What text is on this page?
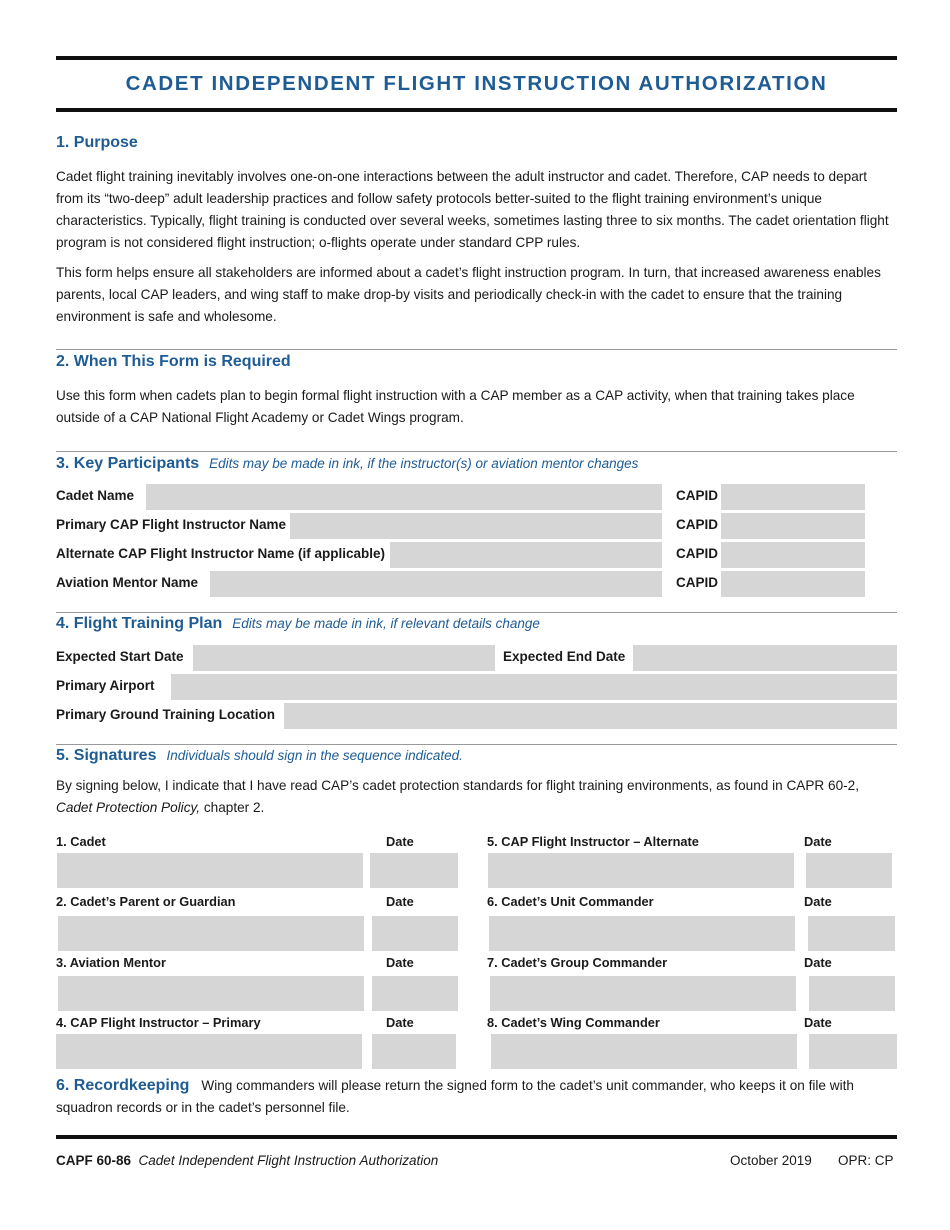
CADET INDEPENDENT FLIGHT INSTRUCTION AUTHORIZATION
1. Purpose

Cadet flight training inevitably involves one-on-one interactions between the adult instructor and cadet. Therefore, CAP needs to depart from its “two-deep” adult leadership practices and follow safety protocols better-suited to the flight training environment’s unique characteristics. Typically, flight training is conducted over several weeks, sometimes lasting three to six months. The cadet orientation flight program is not considered flight instruction; o-flights operate under standard CPP rules.

This form helps ensure all stakeholders are informed about a cadet’s flight instruction program. In turn, that increased awareness enables parents, local CAP leaders, and wing staff to make drop-by visits and periodically check-in with the cadet to ensure that the training environment is safe and wholesome.

2. When This Form is Required

Use this form when cadets plan to begin formal flight instruction with a CAP member as a CAP activity, when that training takes place outside of a CAP National Flight Academy or Cadet Wings program.

3. Key Participants Edits may be made in ink, if the instructor(s) or aviation mentor changes
Cadet Name	CAPID
Primary CAP Flight Instructor Name	CAPID
Alternate CAP Flight Instructor Name (if applicable)	CAPID
Aviation Mentor Name	CAPID
4. Flight Training Plan Edits may be made in ink, if relevant details change
Expected Start Date	Expected End Date
Primary Airport
Primary Ground Training Location
5. Signatures Individuals should sign in the sequence indicated.

By signing below, I indicate that I have read CAP’s cadet protection standards for flight training environments, as found in CAPR 60-2, Cadet Protection Policy, chapter 2.

1. Cadet	Date
2. Cadet’s Parent or Guardian	Date
3. Aviation Mentor	Date
4. CAP Flight Instructor – Primary	Date
5. CAP Flight Instructor – Alternate	Date
6. Cadet’s Unit Commander	Date
7. Cadet’s Group Commander	Date
8. Cadet’s Wing Commander	Date

6. Recordkeeping Wing commanders will please return the signed form to the cadet’s unit commander, who keeps it on file with squadron records or in the cadet’s personnel file.

CAPF 60-86 Cadet Independent Flight Instruction Authorization	October 2019 OPR: CP
